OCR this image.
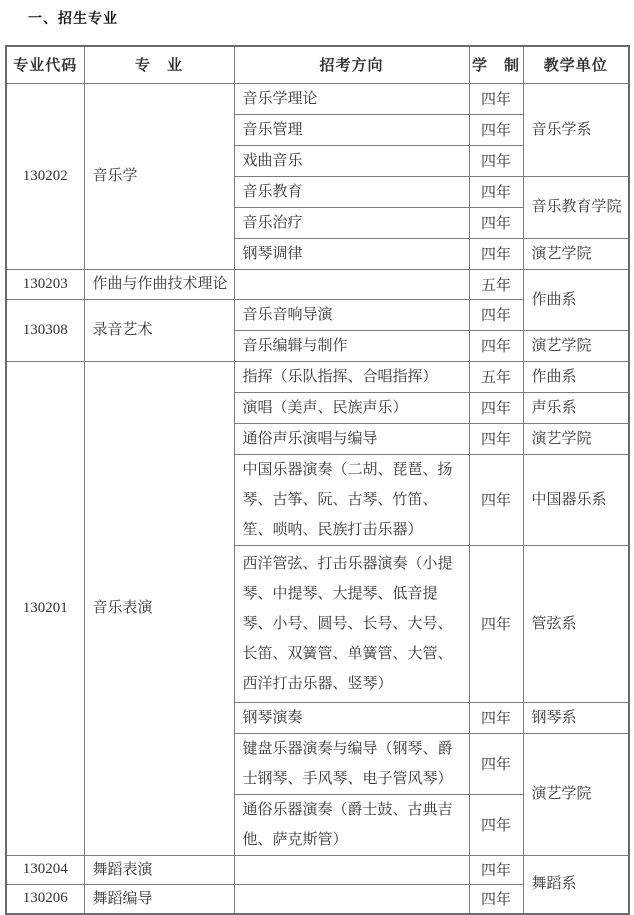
一、招生专业
专业代码	专　业	招考方向	学　制	教学单位
130202	音乐学	音乐学理论	四年	音乐学系
		音乐管理	四年	
		戏曲音乐	四年	
		音乐教育	四年	音乐教育学院
		音乐治疗	四年	
		钢琴调律	四年	演艺学院
130203	作曲与作曲技术理论		五年	作曲系
130308	录音艺术	音乐音响导演	四年	
		音乐编辑与制作	四年	演艺学院
130201	音乐表演	指挥（乐队指挥、合唱指挥）	五年	作曲系
		演唱（美声、民族声乐）	四年	声乐系
		通俗声乐演唱与编导	四年	演艺学院
		中国乐器演奏（二胡、琵琶、扬琴、古筝、阮、古琴、竹笛、笙、唢呐、民族打击乐器）	四年	中国器乐系
		西洋管弦、打击乐器演奏（小提琴、中提琴、大提琴、低音提琴、小号、圆号、长号、大号、长笛、双簧管、单簧管、大管、西洋打击乐器、竖琴）	四年	管弦系
		钢琴演奏	四年	钢琴系
		键盘乐器演奏与编导（钢琴、爵士钢琴、手风琴、电子管风琴）	四年	演艺学院
		通俗乐器演奏（爵士鼓、古典吉他、萨克斯管）	四年	
130204	舞蹈表演		四年	舞蹈系
130206	舞蹈编导		四年	
